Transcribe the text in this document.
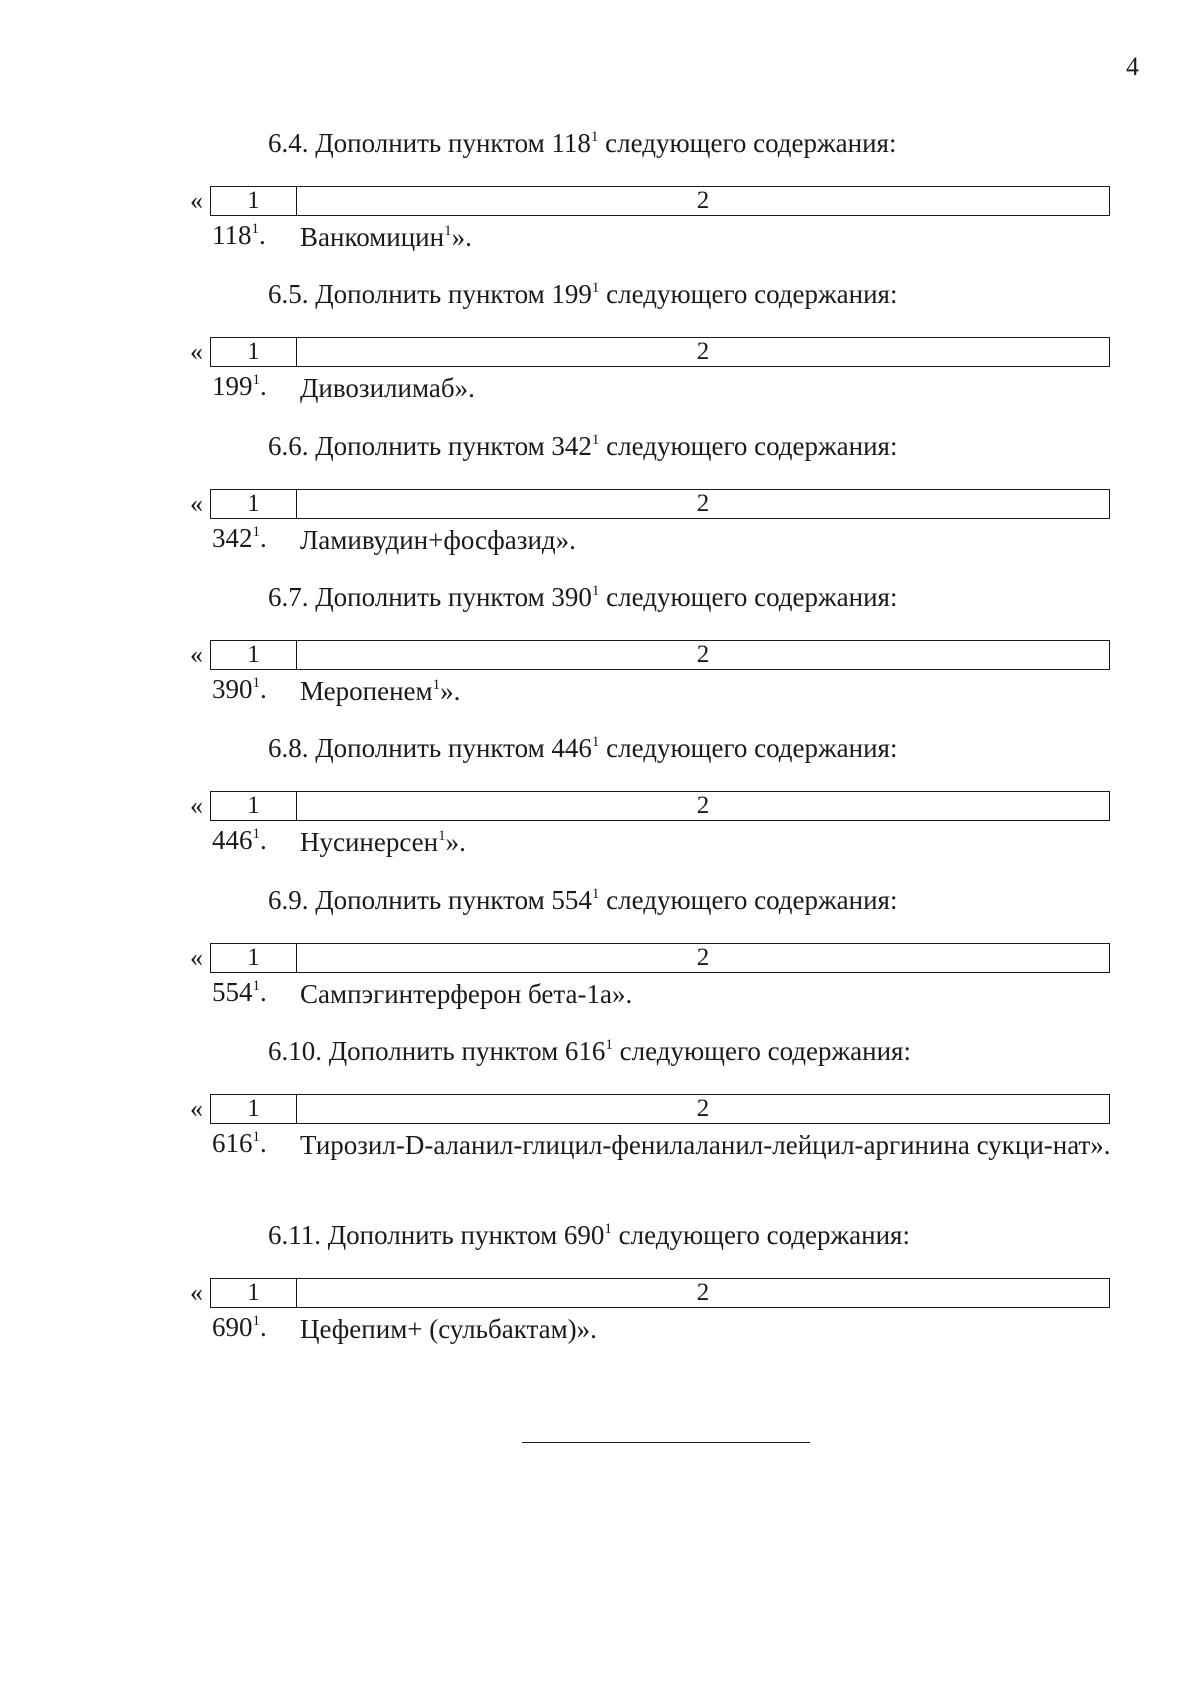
4
6.4. Дополнить пунктом $118^1$ следующего содержания:
«	1	2
$118^1$.	Ванкомицин$^1$».
6.5. Дополнить пунктом $199^1$ следующего содержания:
«	1	2
$199^1$.	Дивозилимаб».
6.6. Дополнить пунктом $342^1$ следующего содержания:
«	1	2
$342^1$.	Ламивудин+фосфазид».
6.7. Дополнить пунктом $390^1$ следующего содержания:
«	1	2
$390^1$.	Меропенем$^1$».
6.8. Дополнить пунктом $446^1$ следующего содержания:
«	1	2
$446^1$.	Нусинерсен$^1$».
6.9. Дополнить пунктом $554^1$ следующего содержания:
«	1	2
$554^1$.	Сампэгинтерферон бета-1а».
6.10. Дополнить пунктом $616^1$ следующего содержания:
«	1	2
$616^1$.	Тирозил-D-аланил-глицил-фенилаланил-лейцил-аргинина сукци-нат».
6.11. Дополнить пунктом $690^1$ следующего содержания:
«	1	2
$690^1$.	Цефепим+ (сульбактам)».
